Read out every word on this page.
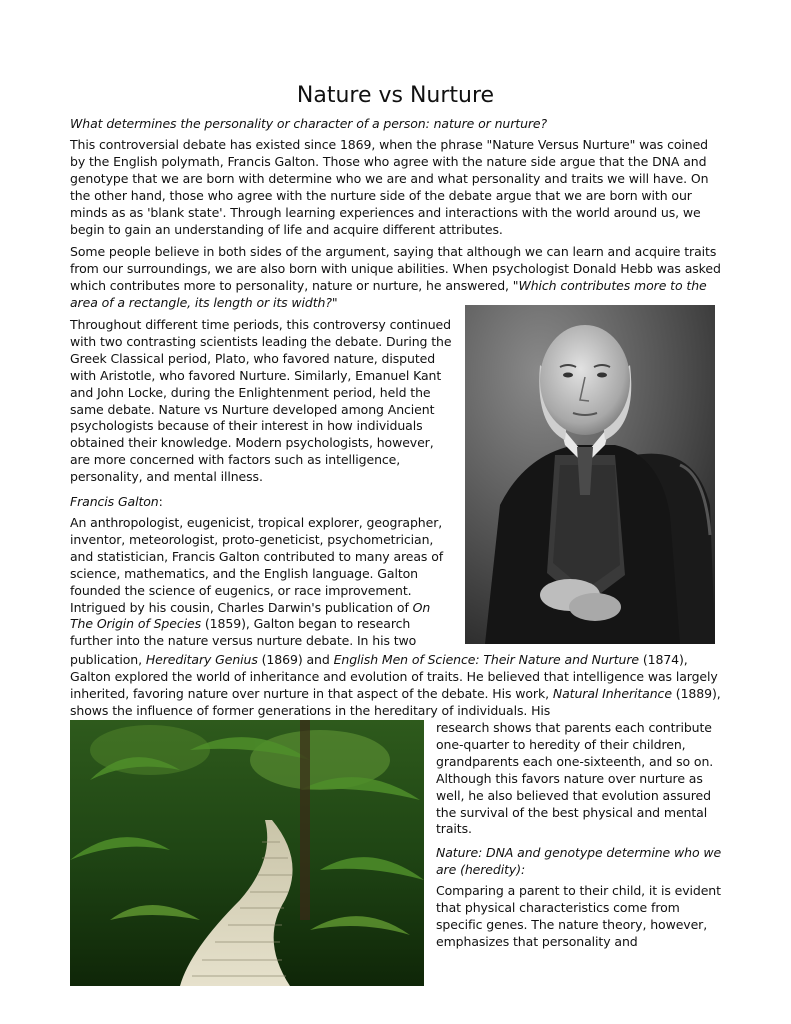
Nature vs Nurture

What determines the personality or character of a person: nature or nurture?

This controversial debate has existed since 1869, when the phrase "Nature Versus Nurture" was coined by the English polymath, Francis Galton. Those who agree with the nature side argue that the DNA and genotype that we are born with determine who we are and what personality and traits we will have. On the other hand, those who agree with the nurture side of the debate argue that we are born with our minds as as 'blank state'. Through learning experiences and interactions with the world around us, we begin to gain an understanding of life and acquire different attributes.

Some people believe in both sides of the argument, saying that although we can learn and acquire traits from our surroundings, we are also born with unique abilities. When psychologist Donald Hebb was asked which contributes more to personality, nature or nurture, he answered, "Which contributes more to the area of a rectangle, its length or its width?"

Throughout different time periods, this controversy continued with two contrasting scientists leading the debate. During the Greek Classical period, Plato, who favored nature, disputed with Aristotle, who favored Nurture. Similarly, Emanuel Kant and John Locke, during the Enlightenment period, held the same debate. Nature vs Nurture developed among Ancient psychologists because of their interest in how individuals obtained their knowledge. Modern psychologists, however, are more concerned with factors such as intelligence, personality, and mental illness.

Francis Galton:

An anthropologist, eugenicist, tropical explorer, geographer, inventor, meteorologist, proto-geneticist, psychometrician, and statistician, Francis Galton contributed to many areas of science, mathematics, and the English language. Galton founded the science of eugenics, or race improvement. Intrigued by his cousin, Charles Darwin's publication of On The Origin of Species (1859), Galton began to research further into the nature versus nurture debate. In his two

publication, Hereditary Genius (1869) and English Men of Science: Their Nature and Nurture (1874), Galton explored the world of inheritance and evolution of traits. He believed that intelligence was largely inherited, favoring nature over nurture in that aspect of the debate. His work, Natural Inheritance (1889), shows the influence of former generations in the hereditary of individuals. His

research shows that parents each contribute one-quarter to heredity of their children, grandparents each one-sixteenth, and so on. Although this favors nature over nurture as well, he also believed that evolution assured the survival of the best physical and mental traits.

Nature: DNA and genotype determine who we are (heredity):

Comparing a parent to their child, it is evident that physical characteristics come from specific genes. The nature theory, however, emphasizes that personality and
